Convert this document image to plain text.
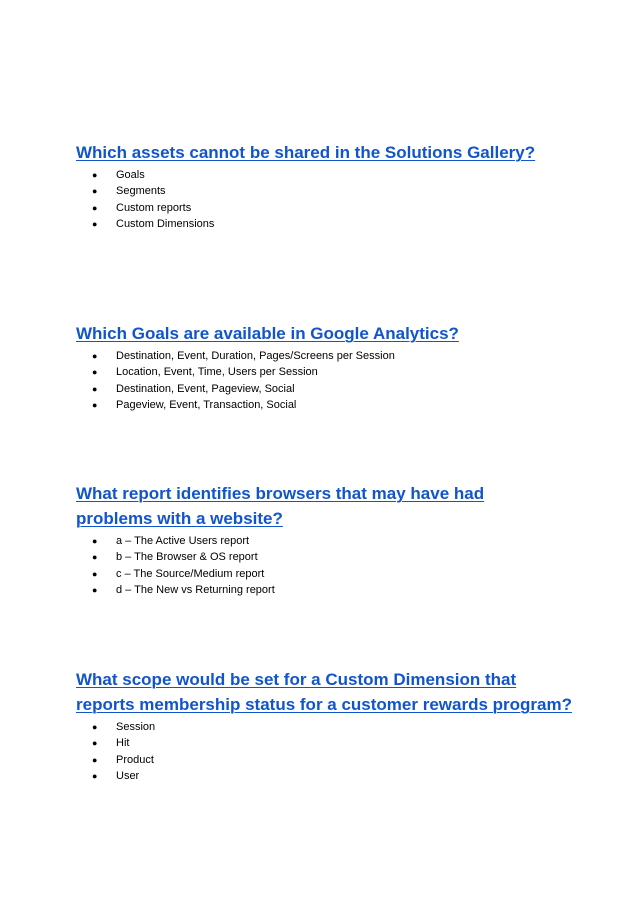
Which assets cannot be shared in the Solutions Gallery?
● Goals
● Segments
● Custom reports
● Custom Dimensions
Which Goals are available in Google Analytics?
● Destination, Event, Duration, Pages/Screens per Session
● Location, Event, Time, Users per Session
● Destination, Event, Pageview, Social
● Pageview, Event, Transaction, Social
What report identifies browsers that may have had problems with a website?
● a – The Active Users report
● b – The Browser & OS report
● c – The Source/Medium report
● d – The New vs Returning report
What scope would be set for a Custom Dimension that reports membership status for a customer rewards program?
● Session
● Hit
● Product
● User
